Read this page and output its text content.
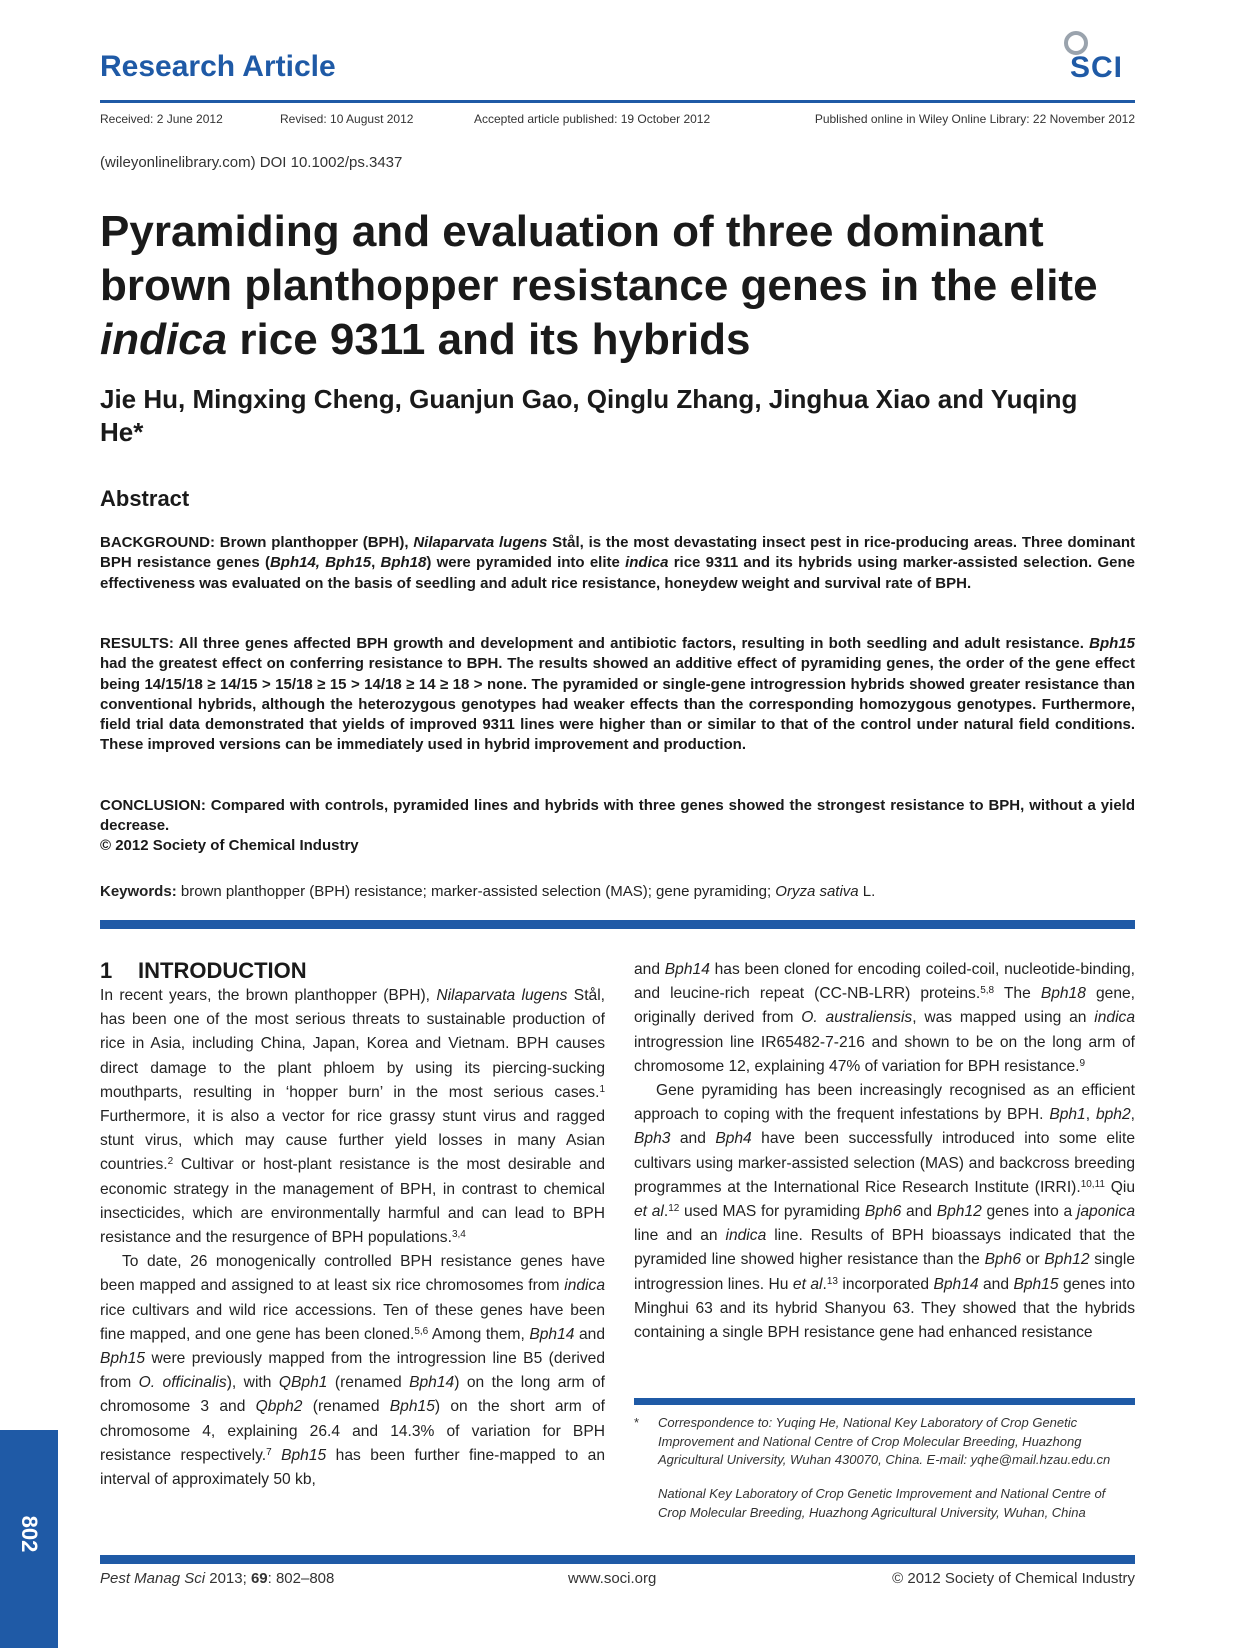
Research Article	SCI
Received: 2 June 2012	Revised: 10 August 2012	Accepted article published: 19 October 2012	Published online in Wiley Online Library: 22 November 2012
(wileyonlinelibrary.com) DOI 10.1002/ps.3437
Pyramiding and evaluation of three dominant brown planthopper resistance genes in the elite indica rice 9311 and its hybrids
Jie Hu, Mingxing Cheng, Guanjun Gao, Qinglu Zhang, Jinghua Xiao and Yuqing He*
Abstract

BACKGROUND: Brown planthopper (BPH), Nilaparvata lugens Stål, is the most devastating insect pest in rice-producing areas. Three dominant BPH resistance genes (Bph14, Bph15, Bph18) were pyramided into elite indica rice 9311 and its hybrids using marker-assisted selection. Gene effectiveness was evaluated on the basis of seedling and adult rice resistance, honeydew weight and survival rate of BPH.

RESULTS: All three genes affected BPH growth and development and antibiotic factors, resulting in both seedling and adult resistance. Bph15 had the greatest effect on conferring resistance to BPH. The results showed an additive effect of pyramiding genes, the order of the gene effect being 14/15/18 ≥ 14/15 > 15/18 ≥ 15 > 14/18 ≥ 14 ≥ 18 > none. The pyramided or single-gene introgression hybrids showed greater resistance than conventional hybrids, although the heterozygous genotypes had weaker effects than the corresponding homozygous genotypes. Furthermore, field trial data demonstrated that yields of improved 9311 lines were higher than or similar to that of the control under natural field conditions. These improved versions can be immediately used in hybrid improvement and production.

CONCLUSION: Compared with controls, pyramided lines and hybrids with three genes showed the strongest resistance to BPH, without a yield decrease.

© 2012 Society of Chemical Industry

Keywords: brown planthopper (BPH) resistance; marker-assisted selection (MAS); gene pyramiding; Oryza sativa L.

1 INTRODUCTION

In recent years, the brown planthopper (BPH), Nilaparvata lugens Stål, has been one of the most serious threats to sustainable production of rice in Asia, including China, Japan, Korea and Vietnam. BPH causes direct damage to the plant phloem by using its piercing-sucking mouthparts, resulting in ‘hopper burn’ in the most serious cases.$^1$ Furthermore, it is also a vector for rice grassy stunt virus and ragged stunt virus, which may cause further yield losses in many Asian countries.$^2$ Cultivar or host-plant resistance is the most desirable and economic strategy in the management of BPH, in contrast to chemical insecticides, which are environmentally harmful and can lead to BPH resistance and the resurgence of BPH populations.$^{3,4}$

To date, 26 monogenically controlled BPH resistance genes have been mapped and assigned to at least six rice chromosomes from indica rice cultivars and wild rice accessions. Ten of these genes have been fine mapped, and one gene has been cloned.$^{5,6}$ Among them, Bph14 and Bph15 were previously mapped from the introgression line B5 (derived from O. officinalis), with QBph1 (renamed Bph14) on the long arm of chromosome 3 and Qbph2 (renamed Bph15) on the short arm of chromosome 4, explaining 26.4 and 14.3% of variation for BPH resistance respectively.$^7$ Bph15 has been further fine-mapped to an interval of approximately 50 kb,

and Bph14 has been cloned for encoding coiled-coil, nucleotide-binding, and leucine-rich repeat (CC-NB-LRR) proteins.$^{5,8}$ The Bph18 gene, originally derived from O. australiensis, was mapped using an indica introgression line IR65482-7-216 and shown to be on the long arm of chromosome 12, explaining 47% of variation for BPH resistance.$^9$

Gene pyramiding has been increasingly recognised as an efficient approach to coping with the frequent infestations by BPH. Bph1, bph2, Bph3 and Bph4 have been successfully introduced into some elite cultivars using marker-assisted selection (MAS) and backcross breeding programmes at the International Rice Research Institute (IRRI).$^{10,11}$ Qiu et al.$^{12}$ used MAS for pyramiding Bph6 and Bph12 genes into a japonica line and an indica line. Results of BPH bioassays indicated that the pyramided line showed higher resistance than the Bph6 or Bph12 single introgression lines. Hu et al.$^{13}$ incorporated Bph14 and Bph15 genes into Minghui 63 and its hybrid Shanyou 63. They showed that the hybrids containing a single BPH resistance gene had enhanced resistance

* Correspondence to: Yuqing He, National Key Laboratory of Crop Genetic Improvement and National Centre of Crop Molecular Breeding, Huazhong Agricultural University, Wuhan 430070, China. E-mail: yqhe@mail.hzau.edu.cn
National Key Laboratory of Crop Genetic Improvement and National Centre of Crop Molecular Breeding, Huazhong Agricultural University, Wuhan, China
802
Pest Manag Sci 2013; 69: 802–808	www.soci.org	© 2012 Society of Chemical Industry
